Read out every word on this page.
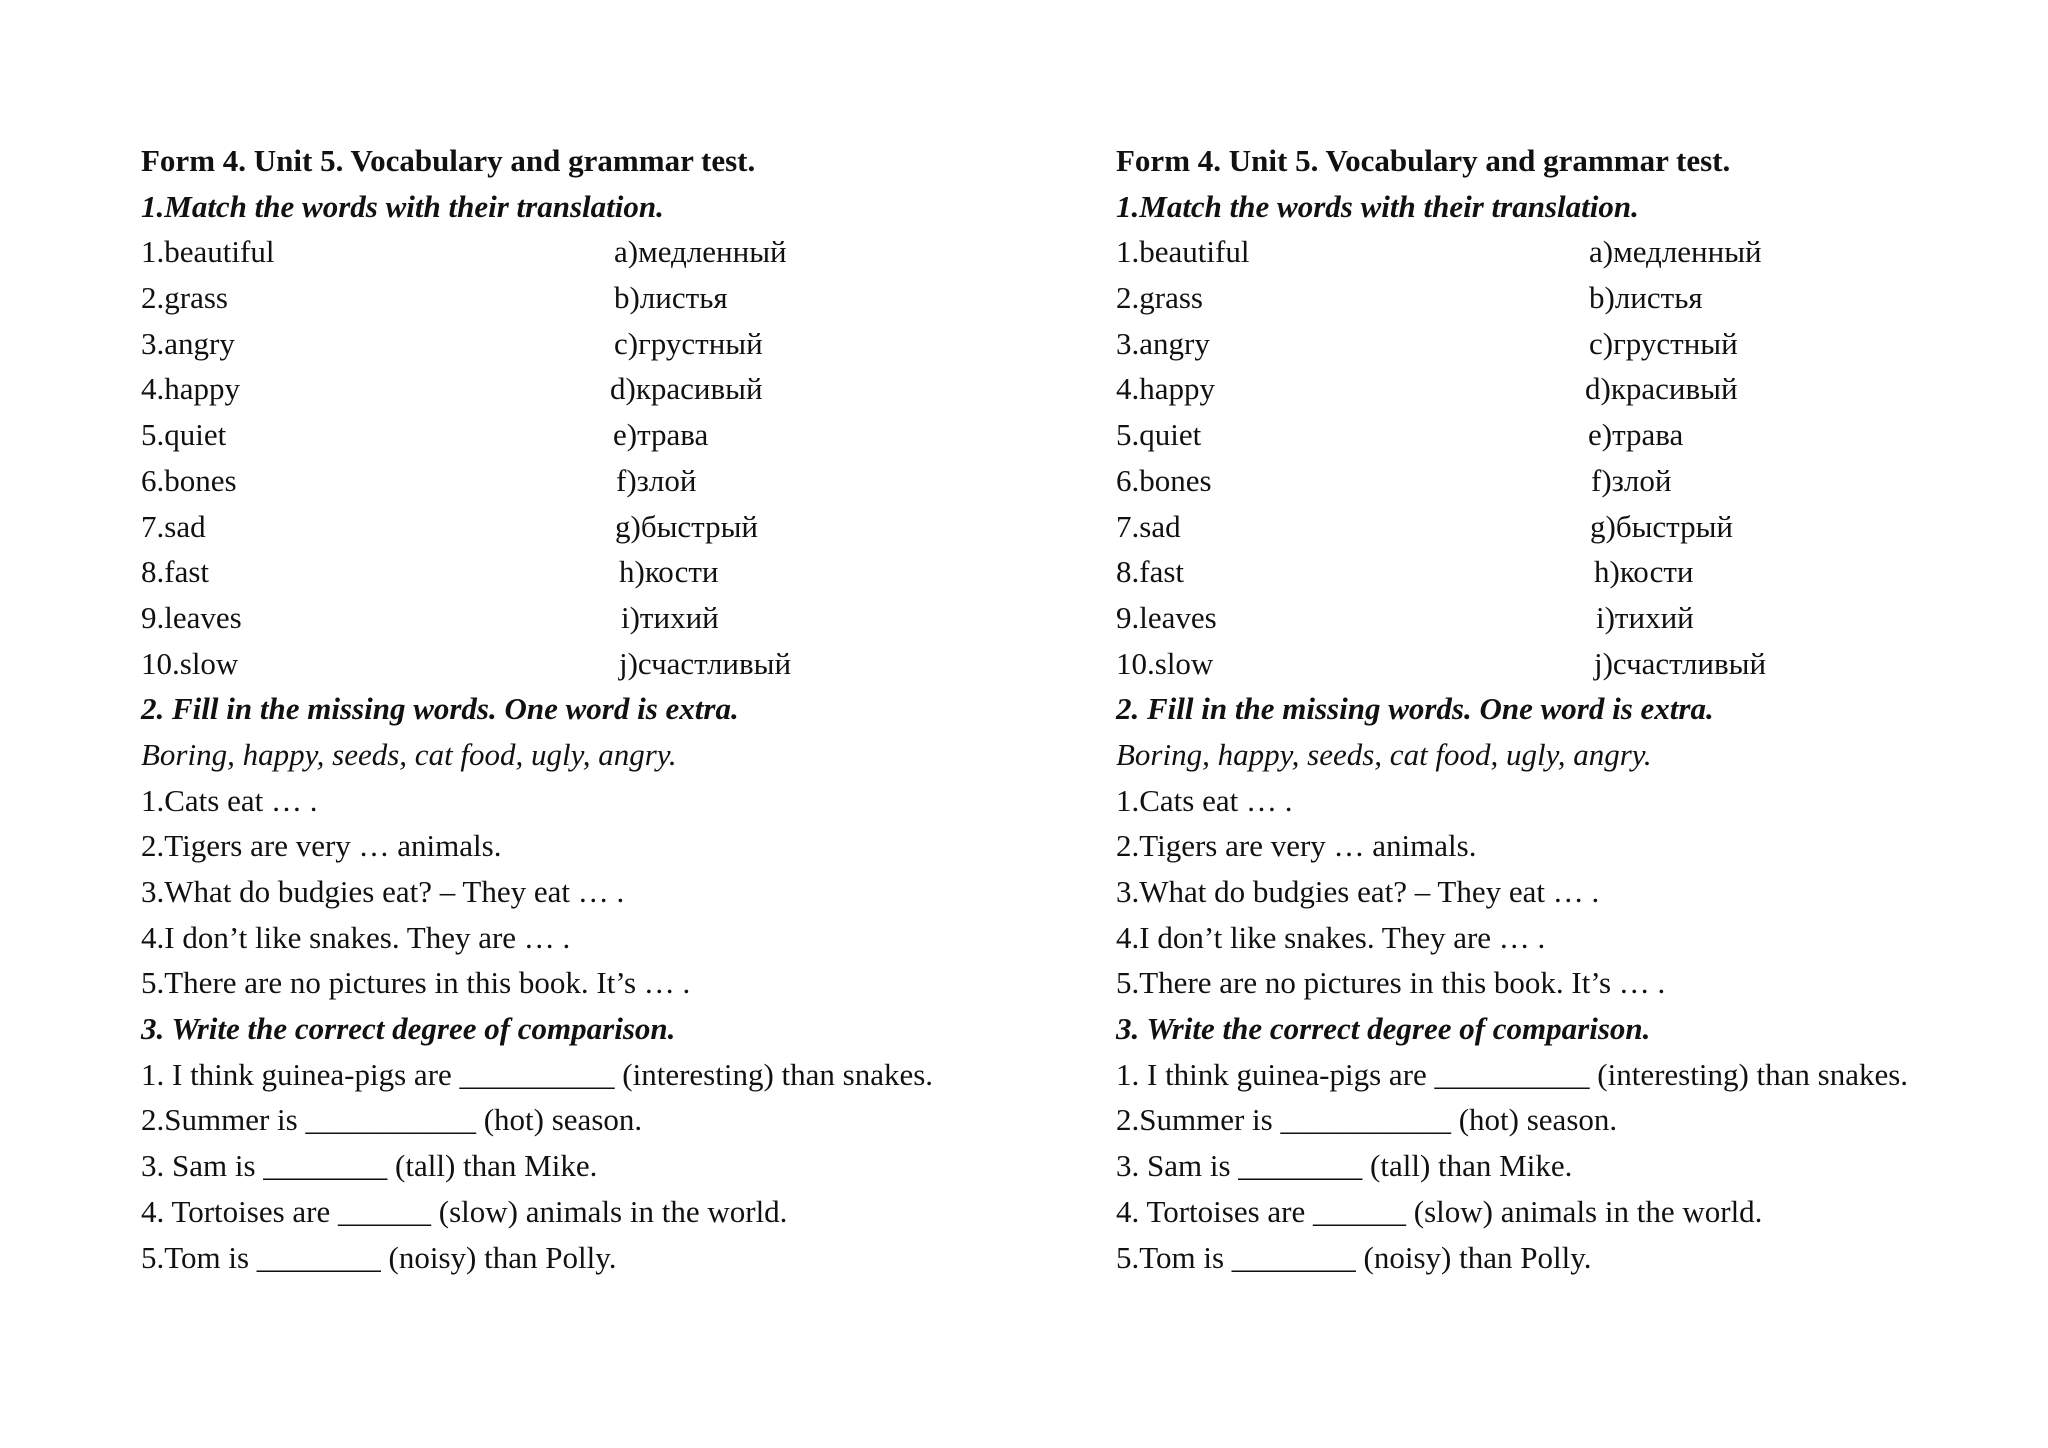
Form 4. Unit 5. Vocabulary and grammar test.
1.Match the words with their translation.
1.beautiful	a)медленный
2.grass	b)листья
3.angry	c)грустный
4.happy	d)красивый
5.quiet	e)трава
6.bones	f)злой
7.sad	g)быстрый
8.fast	h)кости
9.leaves	i)тихий
10.slow	j)счастливый
2. Fill in the missing words. One word is extra.
Boring, happy, seeds, cat food, ugly, angry.
1.Cats eat … .
2.Tigers are very … animals.
3.What do budgies eat? – They eat … .
4.I don’t like snakes. They are … .
5.There are no pictures in this book. It’s … .
3. Write the correct degree of comparison.
1. I think guinea-pigs are __________ (interesting) than snakes.
2.Summer is ___________ (hot) season.
3. Sam is ________ (tall) than Mike.
4. Tortoises are ______ (slow) animals in the world.
5.Tom is ________ (noisy) than Polly.
Form 4. Unit 5. Vocabulary and grammar test.
1.Match the words with their translation.
1.beautiful	a)медленный
2.grass	b)листья
3.angry	c)грустный
4.happy	d)красивый
5.quiet	e)трава
6.bones	f)злой
7.sad	g)быстрый
8.fast	h)кости
9.leaves	i)тихий
10.slow	j)счастливый
2. Fill in the missing words. One word is extra.
Boring, happy, seeds, cat food, ugly, angry.
1.Cats eat … .
2.Tigers are very … animals.
3.What do budgies eat? – They eat … .
4.I don’t like snakes. They are … .
5.There are no pictures in this book. It’s … .
3. Write the correct degree of comparison.
1. I think guinea-pigs are __________ (interesting) than snakes.
2.Summer is ___________ (hot) season.
3. Sam is ________ (tall) than Mike.
4. Tortoises are ______ (slow) animals in the world.
5.Tom is ________ (noisy) than Polly.
